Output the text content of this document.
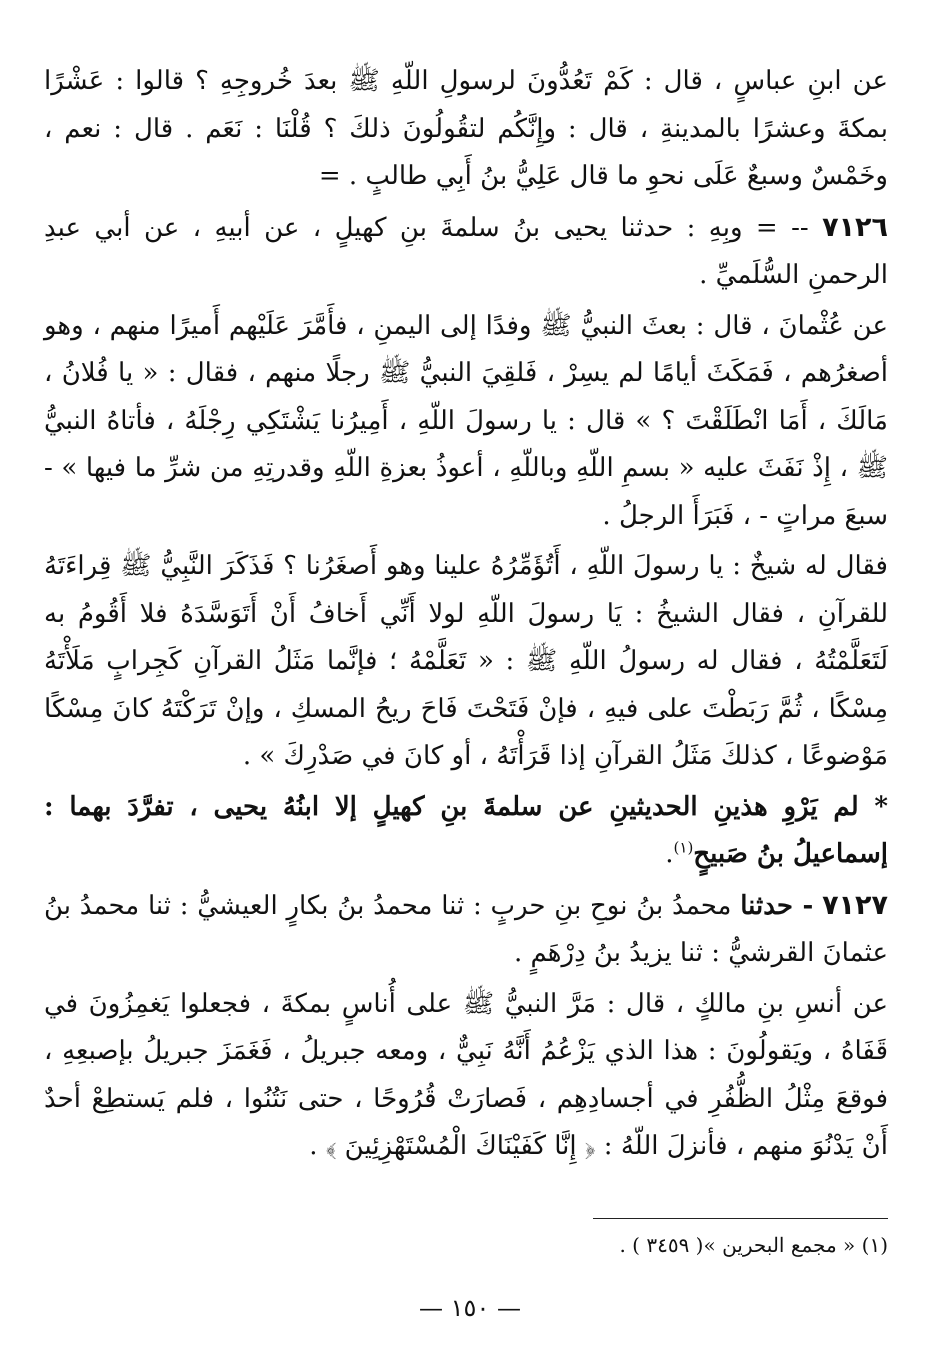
عن ابنِ عباسٍ ، قال : كَمْ تَعُدُّونَ لرسولِ اللّهِ ﷺ بعدَ خُروجِهِ ؟ قالوا : عَشْرًا بمكةَ وعشرًا بالمدينةِ ، قال : وإِنَّكُم لتقُولُونَ ذلكَ ؟ قُلْنَا : نَعَم . قال : نعم ، وخَمْسٌ وسبعٌ عَلَى نحوِ ما قال عَلِيُّ بنُ أَبِي طالبٍ . =

٧١٢٦ -- = وبِهِ : حدثنا يحيى بنُ سلمةَ بنِ كهيلٍ ، عن أبيهِ ، عن أبي عبدِ الرحمنِ السُّلَميِّ .

عن عُثْمانَ ، قال : بعثَ النبيُّ ﷺ وفدًا إلى اليمنِ ، فأَمَّرَ عَلَيْهم أَميرًا منهم ، وهو أصغرُهم ، فَمَكَثَ أيامًا لم يسِرْ ، فَلقِيَ النبيُّ ﷺ رجلًا منهم ، فقال : « يا فُلانُ ، مَالَكَ ، أَمَا انْطَلَقْتَ ؟ » قال : يا رسولَ اللّهِ ، أَمِيرُنا يَشْتَكِي رِجْلَهُ ، فأتاهُ النبيُّ ﷺ ، إِذْ نَفَثَ عليه « بسمِ اللّهِ وباللّهِ ، أعوذُ بعزةِ اللّهِ وقدرتِهِ من شرِّ ما فيها » - سبعَ مراتٍ - ، فَبَرَأَ الرجلُ .

فقال له شيخٌ : يا رسولَ اللّهِ ، أَتُؤَمِّرُهُ علينا وهو أَصغَرُنا ؟ فَذَكَرَ النَّبِيُّ ﷺ قِراءَتَهُ للقرآنِ ، فقال الشيخُ : يَا رسولَ اللّهِ لولا أَنِّي أَخافُ أَنْ أَتَوَسَّدَهُ فلا أَقُومُ به لَتَعَلَّمْتُهُ ، فقال له رسولُ اللّهِ ﷺ : « تَعَلَّمْهُ ؛ فإنَّما مَثَلُ القرآنِ كَجِرابٍ مَلَأْتَهُ مِسْكًا ، ثُمَّ رَبَطْتَ على فيهِ ، فإنْ فَتَحْتَ فَاحَ ريحُ المسكِ ، وإنْ تَرَكْتَهُ كانَ مِسْكًا مَوْضوعًا ، كذلكَ مَثَلُ القرآنِ إذا قَرَأْتَهُ ، أو كانَ في صَدْرِكَ » .

* لم يَرْوِ هذينِ الحديثينِ عن سلمةَ بنِ كهيلٍ إلا ابنُهُ يحيى ، تفرَّدَ بهما : إسماعيلُ بنُ صَبيحٍ$^{(١)}$.

٧١٢٧ - حدثنا محمدُ بنُ نوحِ بنِ حربٍ : ثنا محمدُ بنُ بكارٍ العيشيُّ : ثنا محمدُ بنُ عثمانَ القرشيُّ : ثنا يزيدُ بنُ دِرْهَمٍ .

عن أنسِ بنِ مالكٍ ، قال : مَرَّ النبيُّ ﷺ على أُناسٍ بمكةَ ، فجعلوا يَغمِزُونَ في قَفَاهُ ، ويَقولُونَ : هذا الذي يَزْعُمُ أَنَّهُ نَبِيٌّ ، ومعه جبريلُ ، فَغَمَزَ جبريلُ بإصبعِهِ ، فوقعَ مِثْلُ الظُّفُرِ في أجسادِهِم ، فَصارَتْ قُرُوحًا ، حتى نَتُنُوا ، فلم يَستطِعْ أحدٌ أَنْ يَدْنُوَ منهم ، فأنزلَ اللّهُ : ﴿ إِنَّا كَفَيْنَاكَ الْمُسْتَهْزِئِينَ ﴾ .

(١) « مجمع البحرين »( ٣٤٥٩ ) .
— ١٥٠ —
